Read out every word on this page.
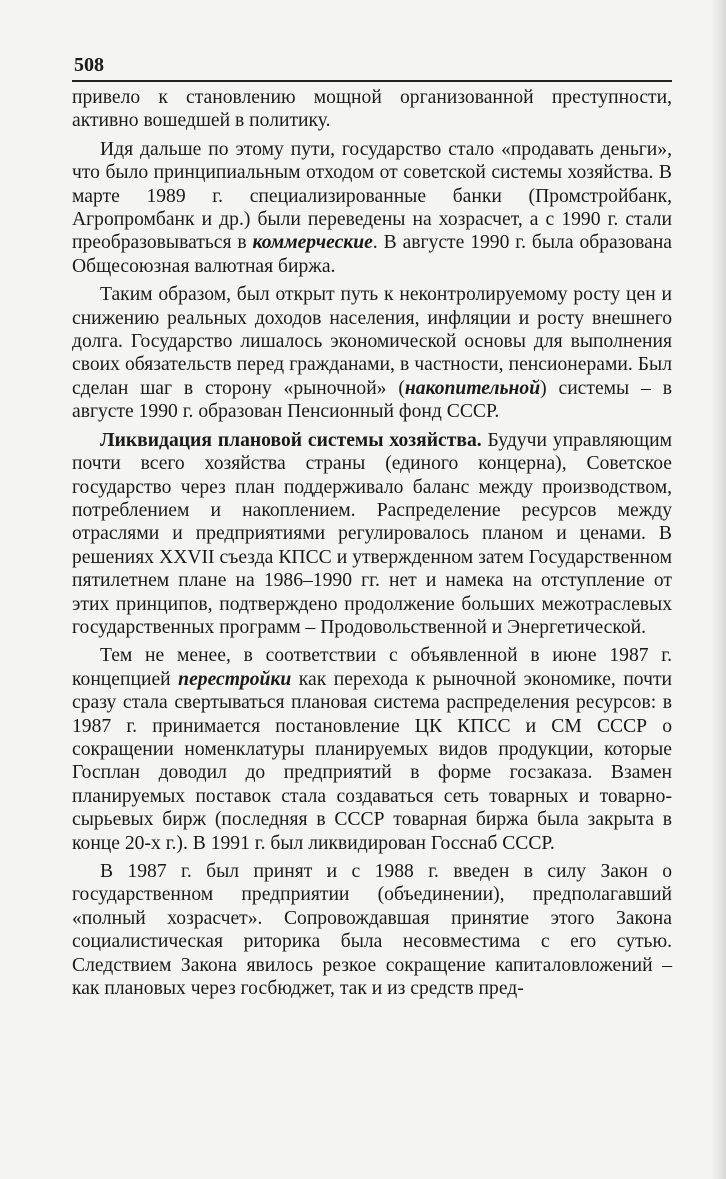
508

привело к становлению мощной организованной преступности, активно вошедшей в политику.

Идя дальше по этому пути, государство стало «продавать деньги», что было принципиальным отходом от советской системы хозяйства. В марте 1989 г. специализированные банки (Промстройбанк, Агропромбанк и др.) были переведены на хозрасчет, а с 1990 г. стали преобразовываться в коммерческие. В августе 1990 г. была образована Общесоюзная валютная биржа.

Таким образом, был открыт путь к неконтролируемому росту цен и снижению реальных доходов населения, инфляции и росту внешнего долга. Государство лишалось экономической основы для выполнения своих обязательств перед гражданами, в частности, пенсионерами. Был сделан шаг в сторону «рыночной» (накопительной) системы – в августе 1990 г. образован Пенсионный фонд СССР.

Ликвидация плановой системы хозяйства. Будучи управляющим почти всего хозяйства страны (единого концерна), Советское государство через план поддерживало баланс между производством, потреблением и накоплением. Распределение ресурсов между отраслями и предприятиями регулировалось планом и ценами. В решениях XXVII съезда КПСС и утвержденном затем Государственном пятилетнем плане на 1986–1990 гг. нет и намека на отступление от этих принципов, подтверждено продолжение больших межотраслевых государственных программ – Продовольственной и Энергетической.

Тем не менее, в соответствии с объявленной в июне 1987 г. концепцией перестройки как перехода к рыночной экономике, почти сразу стала свертываться плановая система распределения ресурсов: в 1987 г. принимается постановление ЦК КПСС и СМ СССР о сокращении номенклатуры планируемых видов продукции, которые Госплан доводил до предприятий в форме госзаказа. Взамен планируемых поставок стала создаваться сеть товарных и товарно-сырьевых бирж (последняя в СССР товарная биржа была закрыта в конце 20-х г.). В 1991 г. был ликвидирован Госснаб СССР.

В 1987 г. был принят и с 1988 г. введен в силу Закон о государственном предприятии (объединении), предполагавший «полный хозрасчет». Сопровождавшая принятие этого Закона социалистическая риторика была несовместима с его сутью. Следствием Закона явилось резкое сокращение капиталовложений – как плановых через госбюджет, так и из средств пред-
